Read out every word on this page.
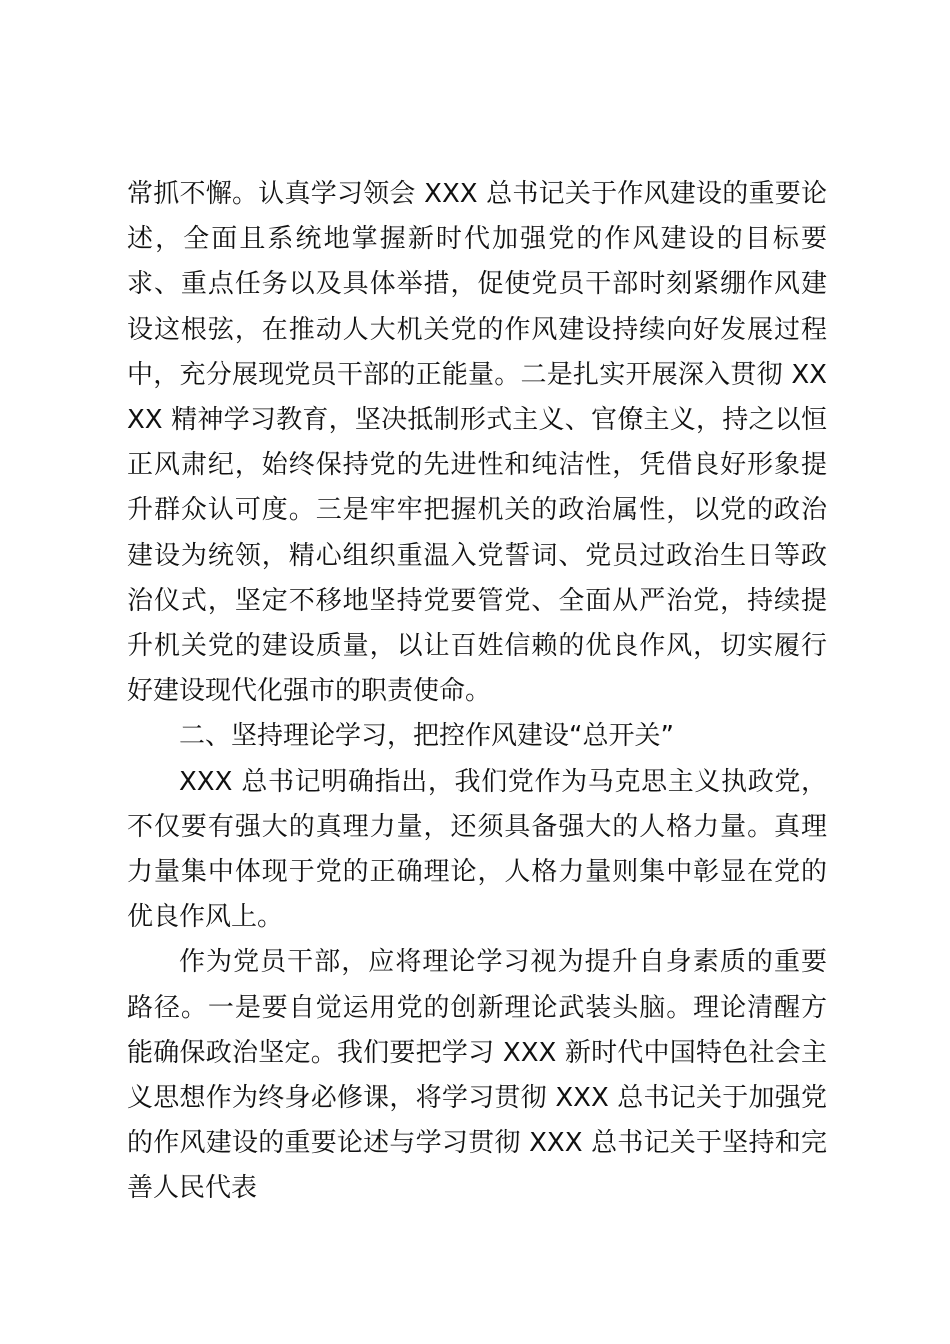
常抓不懈。认真学习领会 XXX 总书记关于作风建设的重要论述，全面且系统地掌握新时代加强党的作风建设的目标要求、重点任务以及具体举措，促使党员干部时刻紧绷作风建设这根弦，在推动人大机关党的作风建设持续向好发展过程中，充分展现党员干部的正能量。二是扎实开展深入贯彻 XXXX 精神学习教育，坚决抵制形式主义、官僚主义，持之以恒正风肃纪，始终保持党的先进性和纯洁性，凭借良好形象提升群众认可度。三是牢牢把握机关的政治属性，以党的政治建设为统领，精心组织重温入党誓词、党员过政治生日等政治仪式，坚定不移地坚持党要管党、全面从严治党，持续提升机关党的建设质量，以让百姓信赖的优良作风，切实履行好建设现代化强市的职责使命。

二、坚持理论学习，把控作风建设“总开关”

XXX 总书记明确指出，我们党作为马克思主义执政党，不仅要有强大的真理力量，还须具备强大的人格力量。真理力量集中体现于党的正确理论，人格力量则集中彰显在党的优良作风上。

作为党员干部，应将理论学习视为提升自身素质的重要路径。一是要自觉运用党的创新理论武装头脑。理论清醒方能确保政治坚定。我们要把学习 XXX 新时代中国特色社会主义思想作为终身必修课，将学习贯彻 XXX 总书记关于加强党的作风建设的重要论述与学习贯彻 XXX 总书记关于坚持和完善人民代表
